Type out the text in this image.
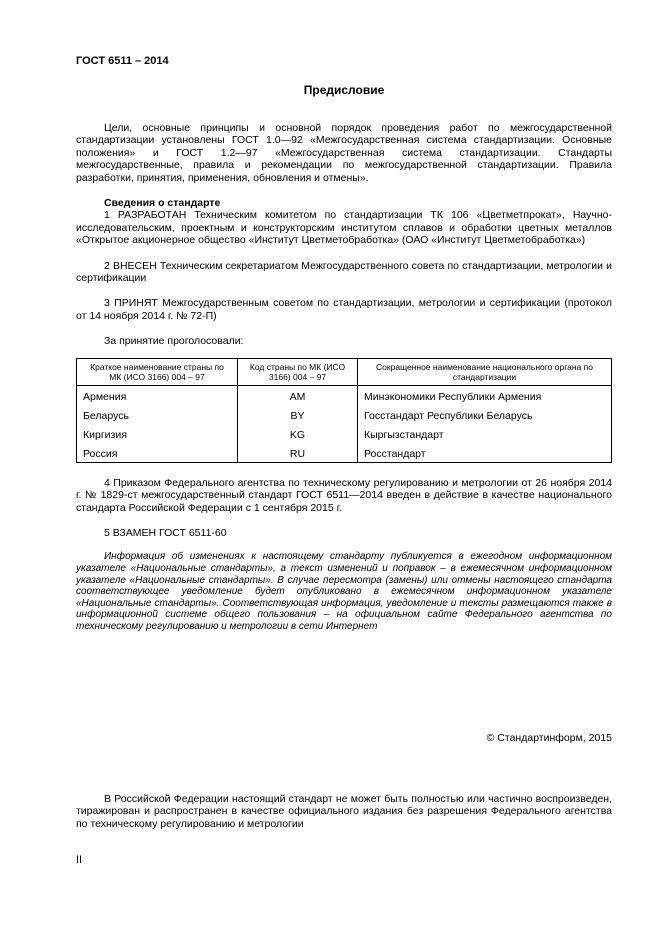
ГОСТ 6511 – 2014
Предисловие

Цели, основные принципы и основной порядок проведения работ по межгосударственной стандартизации установлены ГОСТ 1.0—92 «Межгосударственная система стандартизации. Основные положения» и ГОСТ 1.2—97 «Межгосударственная система стандартизации. Стандарты межгосударственные, правила и рекомендации по межгосударственной стандартизации. Правила разработки, принятия, применения, обновления и отмены».

Сведения о стандарте

1 РАЗРАБОТАН Техническим комитетом по стандартизации ТК 106 «Цветметпрокат», Научно-исследовательским, проектным и конструкторским институтом сплавов и обработки цветных металлов «Открытое акционерное общество «Институт Цветметобработка» (ОАО «Институт Цветметобработка»)

2 ВНЕСЕН Техническим секретариатом Межгосударственного совета по стандартизации, метрологии и сертификации

3 ПРИНЯТ Межгосударственным советом по стандартизации, метрологии и сертификации (протокол от 14 ноября 2014 г. № 72-П)

За принятие проголосовали:

Краткое наименование страны по МК (ИСО 3166) 004 – 97	Код страны по МК (ИСО 3166) 004 – 97	Сокращенное наименование национального органа по стандартизации
Армения	AM	Минэкономики Республики Армения
Беларусь	BY	Госстандарт Республики Беларусь
Киргизия	KG	Кыргызстандарт
Россия	RU	Росстандарт

4 Приказом Федерального агентства по техническому регулированию и метрологии от 26 ноября 2014 г. № 1829-ст межгосударственный стандарт ГОСТ 6511—2014 введен в действие в качестве национального стандарта Российской Федерации с 1 сентября 2015 г.

5 ВЗАМЕН ГОСТ 6511-60

Информация об изменениях к настоящему стандарту публикуется в ежегодном информационном указателе «Национальные стандарты», а текст изменений и поправок – в ежемесячном информационном указателе «Национальные стандарты». В случае пересмотра (замены) или отмены настоящего стандарта соответствующее уведомление будет опубликовано в ежемесячном информационном указателе «Национальные стандарты». Соответствующая информация, уведомление и тексты размещаются также в информационной системе общего пользования – на официальном сайте Федерального агентства по техническому регулированию и метрологии в сети Интернет

© Стандартинформ, 2015

В Российской Федерации настоящий стандарт не может быть полностью или частично воспроизведен, тиражирован и распространен в качестве официального издания без разрешения Федерального агентства по техническому регулированию и метрологии

II
